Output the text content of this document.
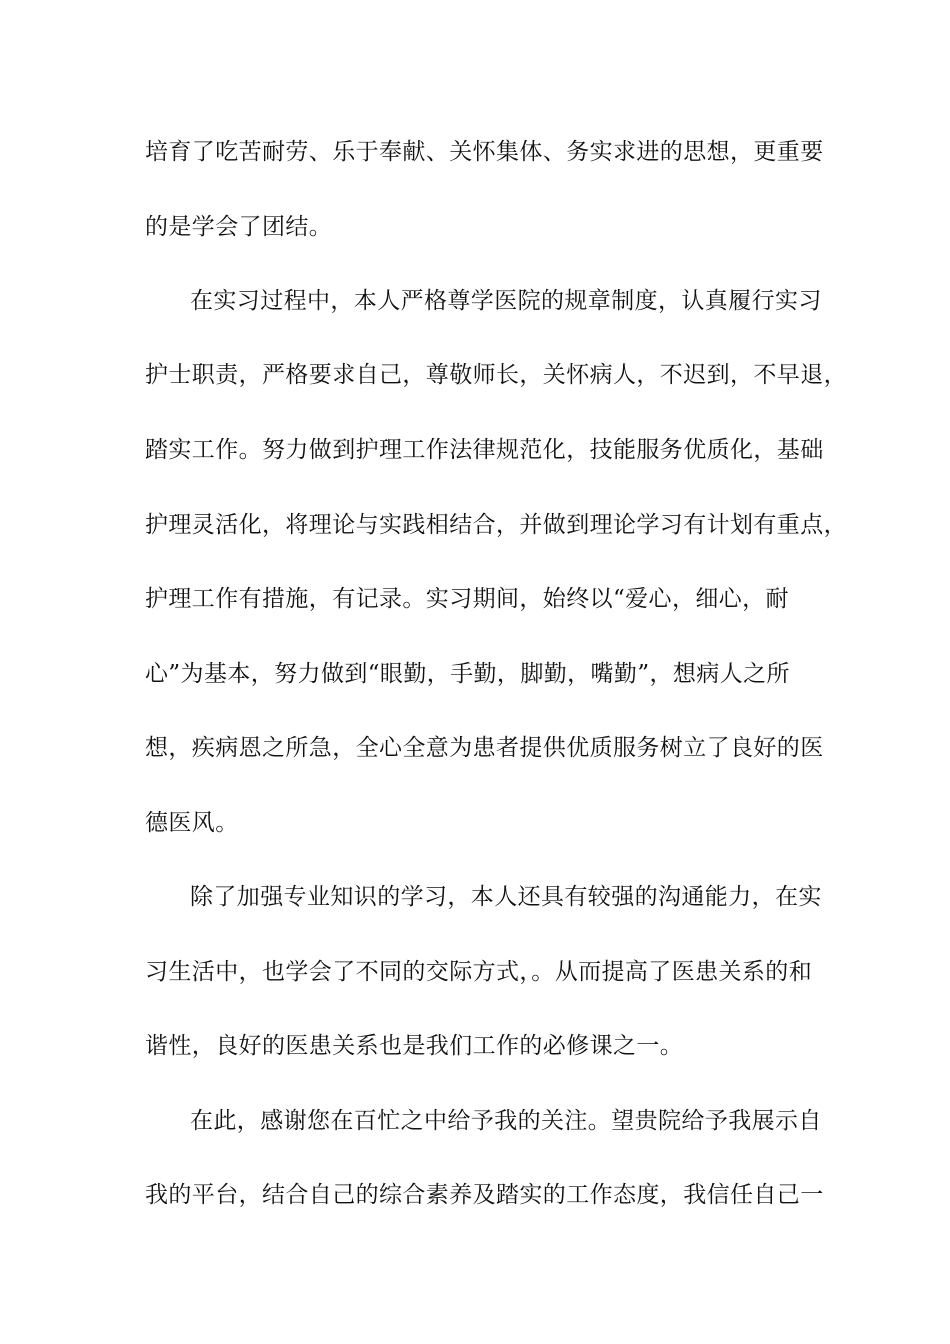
培育了吃苦耐劳、乐于奉献、关怀集体、务实求进的思想，更重要
的是学会了团结。
在实习过程中，本人严格尊学医院的规章制度，认真履行实习
护士职责，严格要求自己，尊敬师长，关怀病人，不迟到，不早退，
踏实工作。努力做到护理工作法律规范化，技能服务优质化，基础
护理灵活化，将理论与实践相结合，并做到理论学习有计划有重点，
护理工作有措施，有记录。实习期间，始终以“爱心，细心，耐
心”为基本，努力做到“眼勤，手勤，脚勤，嘴勤”，想病人之所
想，疾病恩之所急，全心全意为患者提供优质服务树立了良好的医
德医风。
除了加强专业知识的学习，本人还具有较强的沟通能力，在实
习生活中，也学会了不同的交际方式，。从而提高了医患关系的和
谐性，良好的医患关系也是我们工作的必修课之一。
在此，感谢您在百忙之中给予我的关注。望贵院给予我展示自
我的平台，结合自己的综合素养及踏实的工作态度，我信任自己一
